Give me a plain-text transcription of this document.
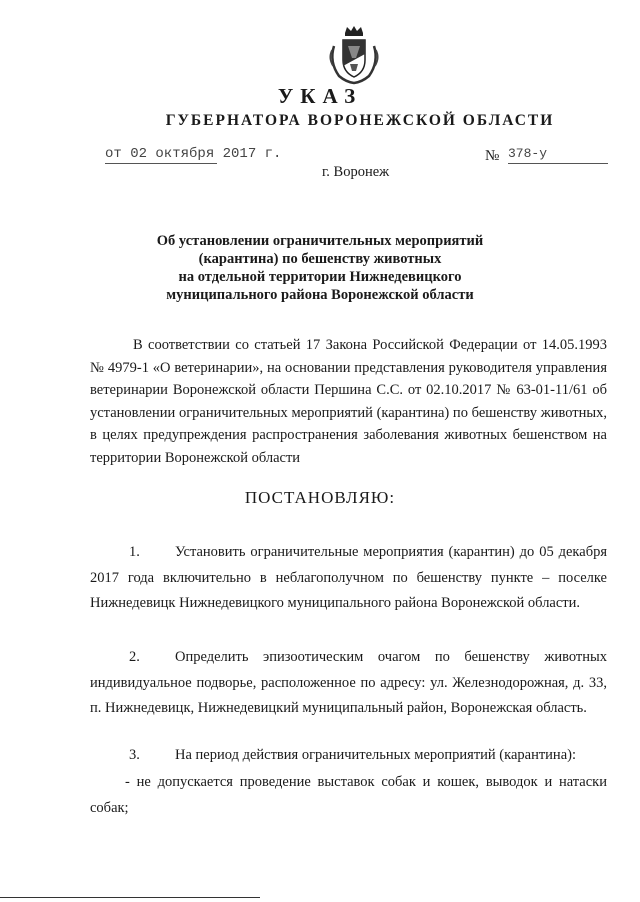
УКАЗ
ГУБЕРНАТОРА ВОРОНЕЖСКОЙ ОБЛАСТИ
от 02 октября 2017 г.	№ 378-у
г. Воронеж
Об установлении ограничительных мероприятий
(карантина) по бешенству животных
на отдельной территории Нижнедевицкого
муниципального района Воронежской области

В соответствии со статьей 17 Закона Российской Федерации от 14.05.1993 № 4979-1 «О ветеринарии», на основании представления руководителя управления ветеринарии Воронежской области Першина С.С. от 02.10.2017 № 63-01-11/61 об установлении ограничительных мероприятий (карантина) по бешенству животных, в целях предупреждения распространения заболевания животных бешенством на территории Воронежской области

ПОСТАНОВЛЯЮ:

1. Установить ограничительные мероприятия (карантин) до 05 декабря 2017 года включительно в неблагополучном по бешенству пункте – поселке Нижнедевицк Нижнедевицкого муниципального района Воронежской области.

2. Определить эпизоотическим очагом по бешенству животных индивидуальное подворье, расположенное по адресу: ул. Железнодорожная, д. 33, п. Нижнедевицк, Нижнедевицкий муниципальный район, Воронежская область.

3. На период действия ограничительных мероприятий (карантина):

- не допускается проведение выставок собак и кошек, выводок и натаски собак;
